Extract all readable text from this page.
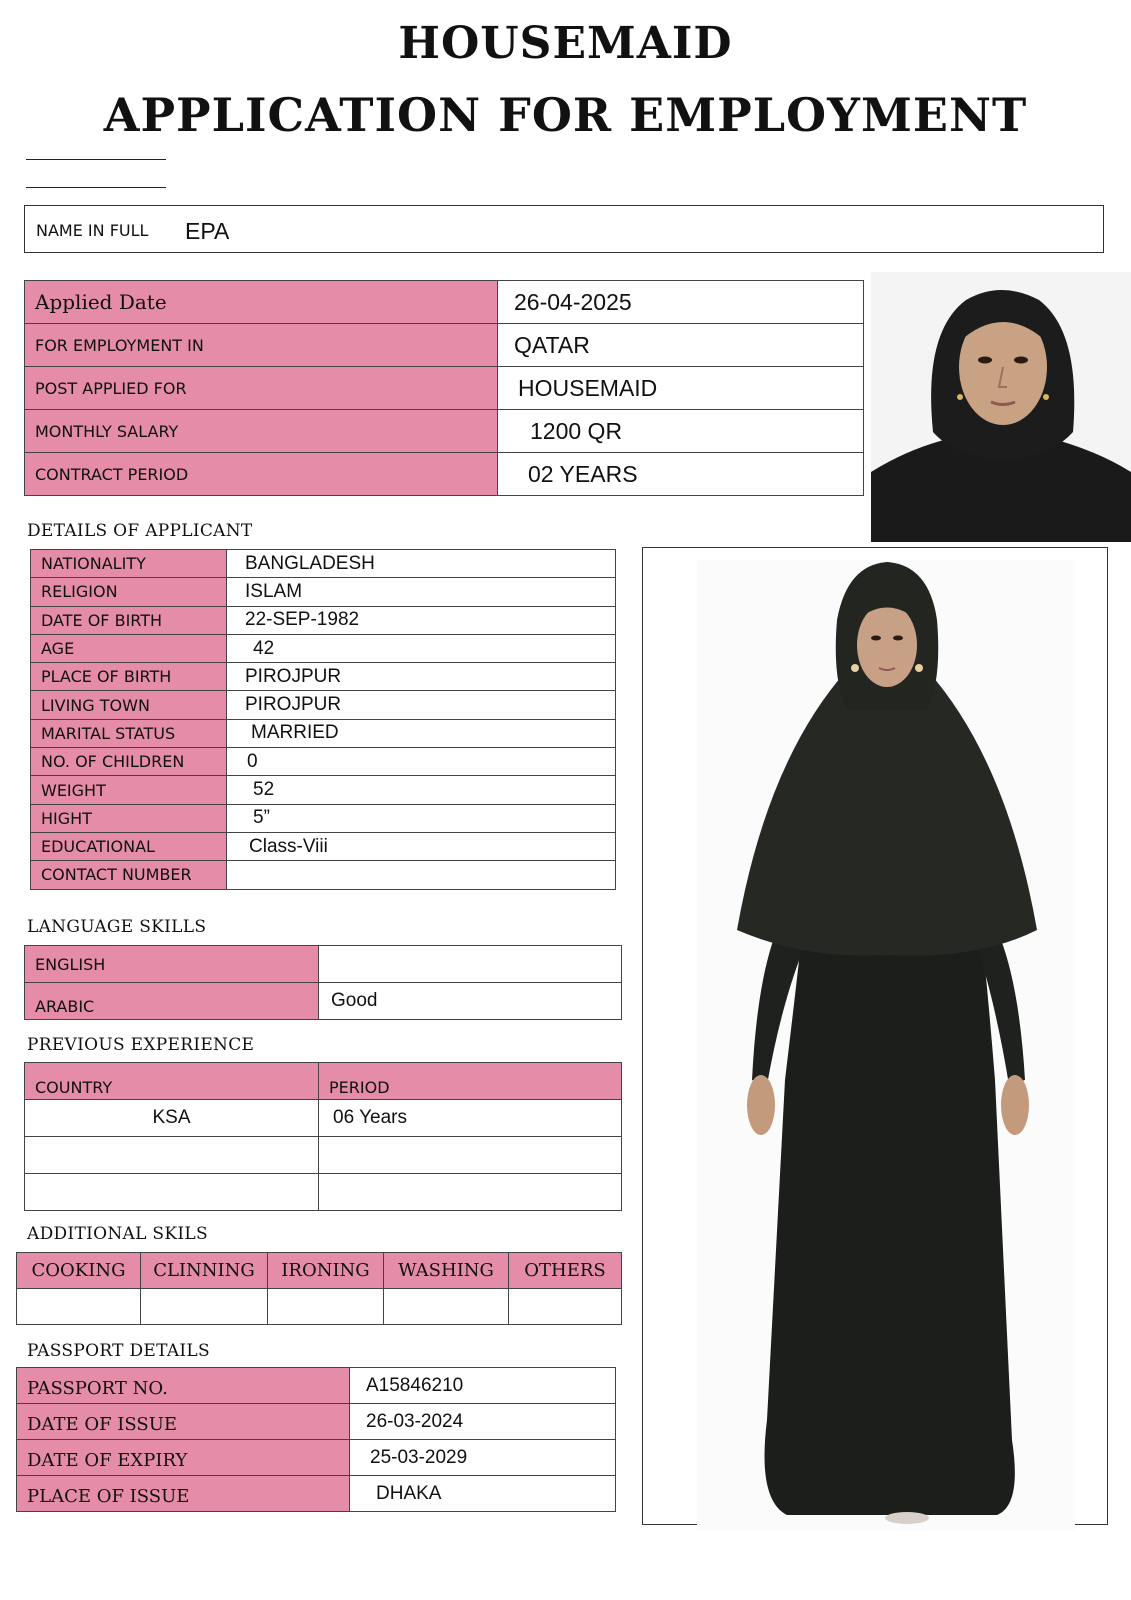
HOUSEMAID
APPLICATION FOR EMPLOYMENT
NAME IN FULL EPA
Applied Date	26-04-2025
FOR EMPLOYMENT IN	QATAR
POST APPLIED FOR	HOUSEMAID
MONTHLY SALARY	1200 QR
CONTRACT PERIOD	02 YEARS
DETAILS OF APPLICANT
NATIONALITY	BANGLADESH
RELIGION	ISLAM
DATE OF BIRTH	22-SEP-1982
AGE	42
PLACE OF BIRTH	PIROJPUR
LIVING TOWN	PIROJPUR
MARITAL STATUS	MARRIED
NO. OF CHILDREN	0
WEIGHT	52
HIGHT	5”
EDUCATIONAL	Class-Viii
CONTACT NUMBER	
LANGUAGE SKILLS
ENGLISH	
ARABIC	Good
PREVIOUS EXPERIENCE
COUNTRY	PERIOD
KSA	06 Years

ADDITIONAL SKILS
COOKING	CLINNING	IRONING	WASHING	OTHERS

PASSPORT DETAILS
PASSPORT NO.	A15846210
DATE OF ISSUE	26-03-2024
DATE OF EXPIRY	25-03-2029
PLACE OF ISSUE	DHAKA
